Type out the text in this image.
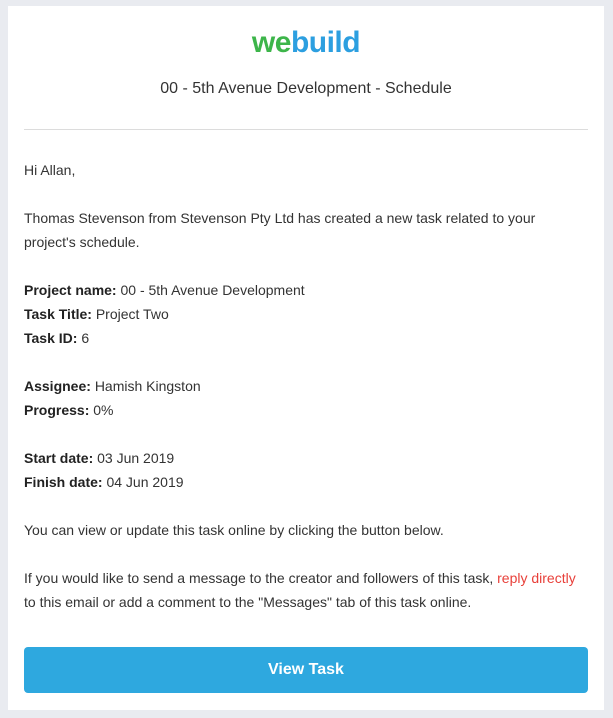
webuild
00 - 5th Avenue Development - Schedule

Hi Allan,

Thomas Stevenson from Stevenson Pty Ltd has created a new task related to your project's schedule.

Project name: 00 - 5th Avenue Development

Task Title: Project Two

Task ID: 6

Assignee: Hamish Kingston

Progress: 0%

Start date: 03 Jun 2019

Finish date: 04 Jun 2019

You can view or update this task online by clicking the button below.

If you would like to send a message to the creator and followers of this task, reply directly to this email or add a comment to the "Messages" tab of this task online.

View Task
